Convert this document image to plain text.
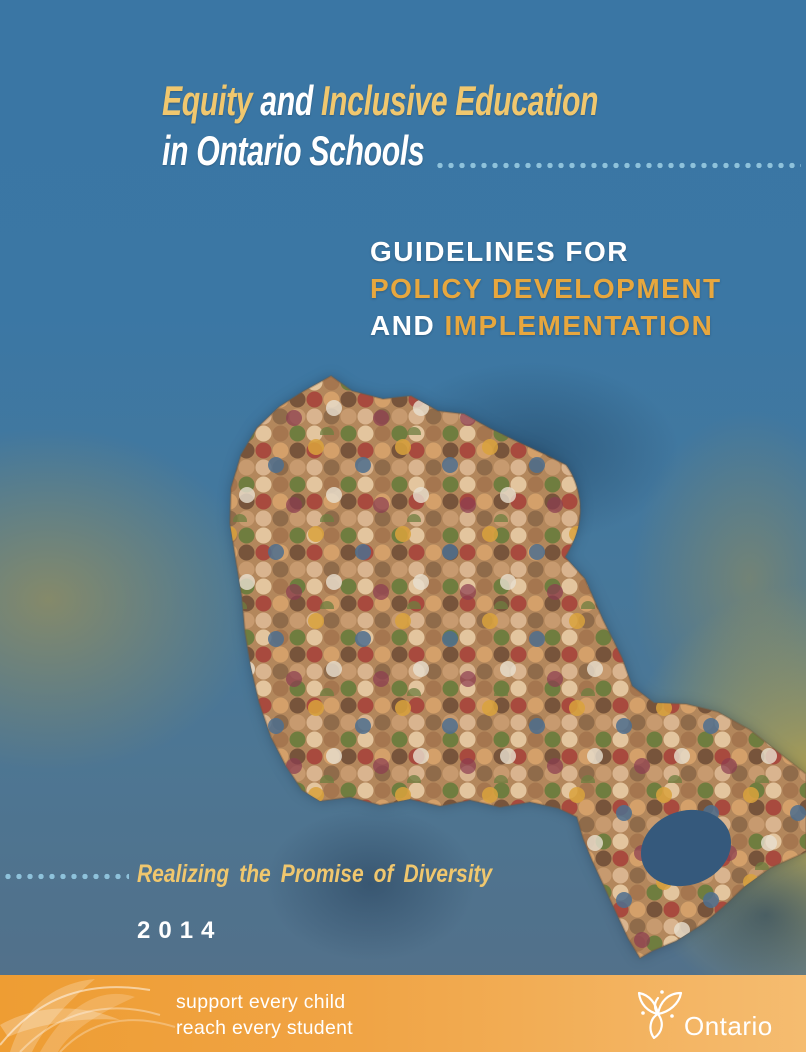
Equity and Inclusive Education
in Ontario Schools
GUIDELINES FOR
POLICY DEVELOPMENT
AND IMPLEMENTATION
Realizing the Promise of Diversity
2014
support every child
reach every student	Ontario
